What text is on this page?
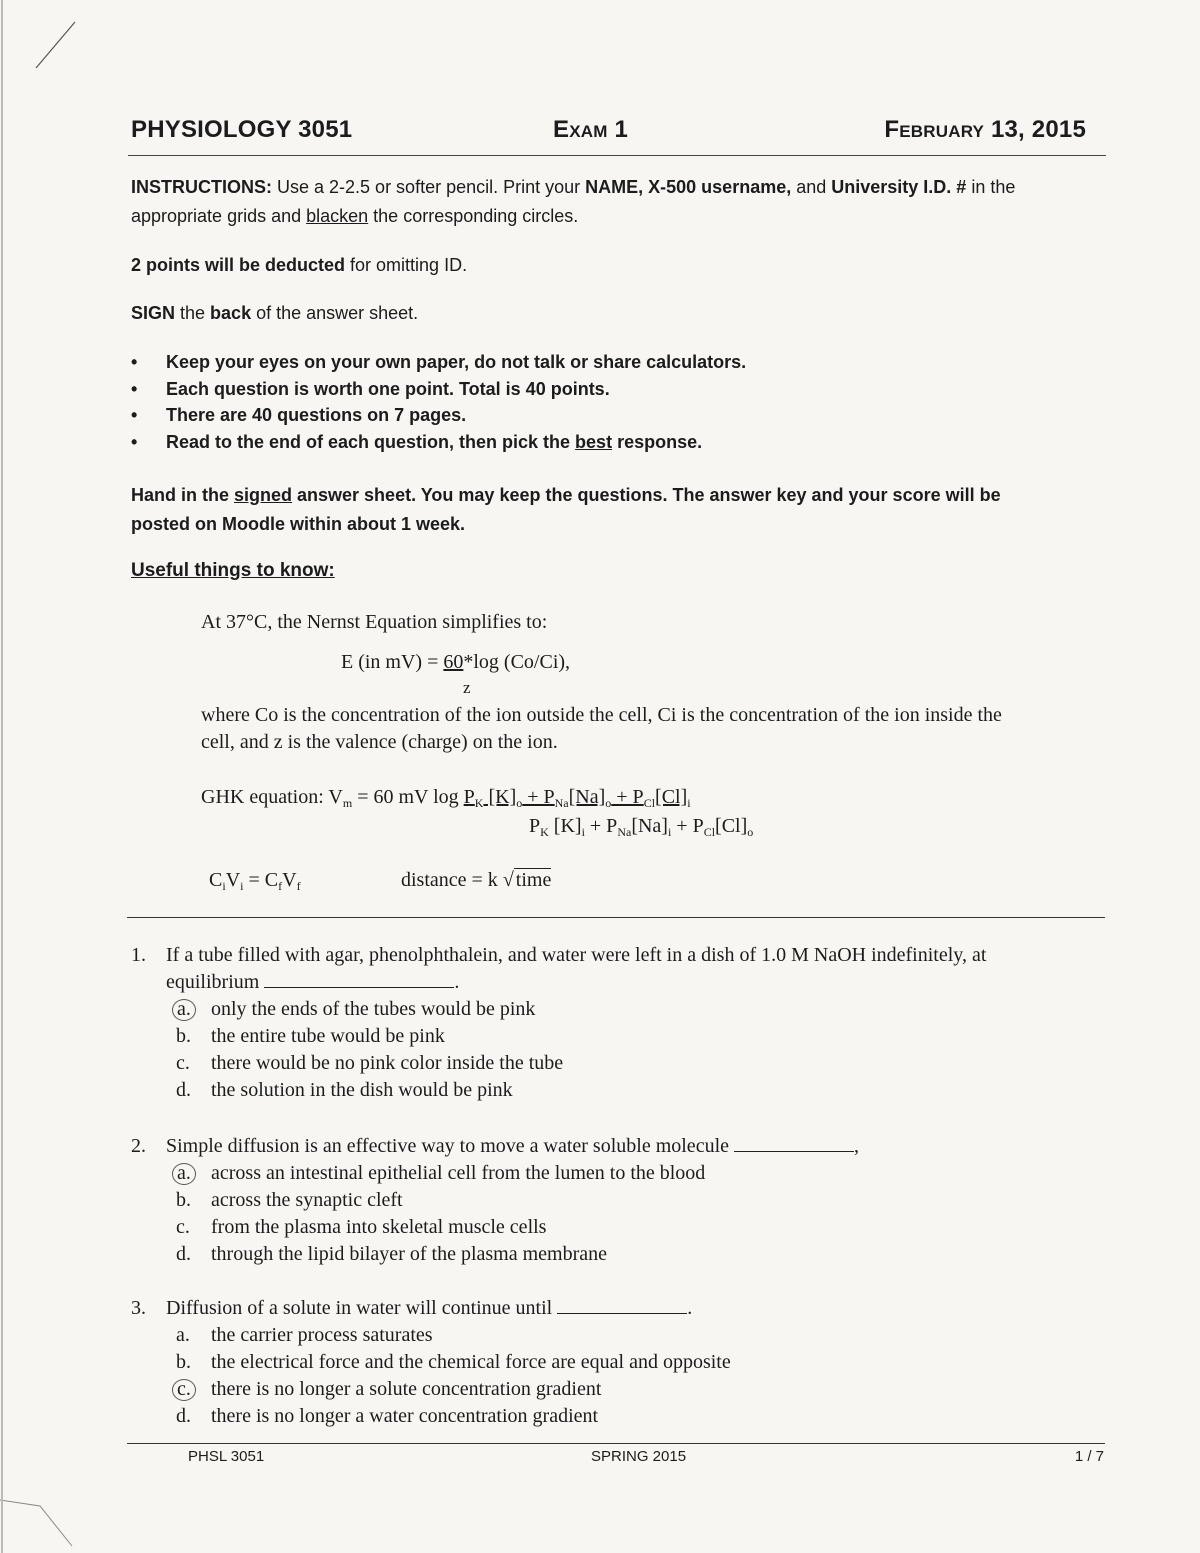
PHYSIOLOGY 3051	Exam 1	February 13, 2015
INSTRUCTIONS: Use a 2-2.5 or softer pencil. Print your NAME, X-500 username, and University I.D. # in the appropriate grids and blacken the corresponding circles.
2 points will be deducted for omitting ID.
SIGN the back of the answer sheet.
• Keep your eyes on your own paper, do not talk or share calculators.
• Each question is worth one point. Total is 40 points.
• There are 40 questions on 7 pages.
• Read to the end of each question, then pick the best response.
Hand in the signed answer sheet. You may keep the questions. The answer key and your score will be posted on Moodle within about 1 week.
Useful things to know:
At 37°C, the Nernst Equation simplifies to:
E (in mV) = 60*log (Co/Ci),
z
where Co is the concentration of the ion outside the cell, Ci is the concentration of the ion inside the cell, and z is the valence (charge) on the ion.
GHK equation: $V_m = 60$ mV $\log P_K$ $[K]_o + P_{Na}[Na]_o + P_{Cl}[Cl]_i$
$P_K$ $[K]_i + P_{Na}[Na]_i + P_{Cl}[Cl]_o$
$C_iV_i = C_fV_f$	distance = k √ time
1. If a tube filled with agar, phenolphthalein, and water were left in a dish of 1.0 M NaOH indefinitely, at equilibrium	.
a. only the ends of the tubes would be pink
b. the entire tube would be pink
c. there would be no pink color inside the tube
d. the solution in the dish would be pink
2. Simple diffusion is an effective way to move a water soluble molecule	,
a. across an intestinal epithelial cell from the lumen to the blood
b. across the synaptic cleft
c. from the plasma into skeletal muscle cells
d. through the lipid bilayer of the plasma membrane
3. Diffusion of a solute in water will continue until	.
a. the carrier process saturates
b. the electrical force and the chemical force are equal and opposite
c. there is no longer a solute concentration gradient
d. there is no longer a water concentration gradient
PHSL 3051	SPRING 2015	1 / 7
